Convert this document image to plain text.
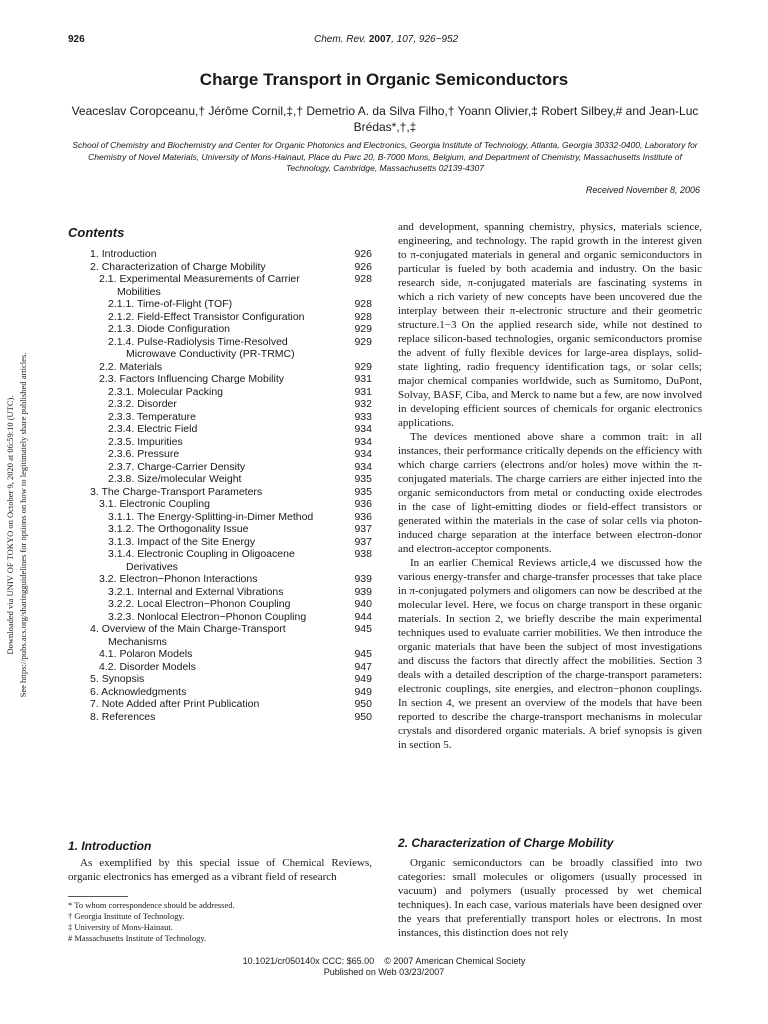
926	Chem. Rev. 2007, 107, 926−952
Charge Transport in Organic Semiconductors
Veaceslav Coropceanu,† Jérôme Cornil,‡,† Demetrio A. da Silva Filho,† Yoann Olivier,‡ Robert Silbey,# and Jean-Luc Brédas*,†,‡
School of Chemistry and Biochemistry and Center for Organic Photonics and Electronics, Georgia Institute of Technology, Atlanta, Georgia 30332-0400, Laboratory for Chemistry of Novel Materials, University of Mons-Hainaut, Place du Parc 20, B-7000 Mons, Belgium, and Department of Chemistry, Massachusetts Institute of Technology, Cambridge, Massachusetts 02139-4307
Received November 8, 2006
Downloaded via UNIV OF TOKYO on October 9, 2020 at 06:59:10 (UTC). See https://pubs.acs.org/sharingguidelines for options on how to legitimately share published articles.
Contents
1. Introduction	926
2. Characterization of Charge Mobility	926
2.1. Experimental Measurements of Carrier	928
Mobilities
2.1.1. Time-of-Flight (TOF)	928
2.1.2. Field-Effect Transistor Configuration	928
2.1.3. Diode Configuration	929
2.1.4. Pulse-Radiolysis Time-Resolved	929
Microwave Conductivity (PR-TRMC)
2.2. Materials	929
2.3. Factors Influencing Charge Mobility	931
2.3.1. Molecular Packing	931
2.3.2. Disorder	932
2.3.3. Temperature	933
2.3.4. Electric Field	934
2.3.5. Impurities	934
2.3.6. Pressure	934
2.3.7. Charge-Carrier Density	934
2.3.8. Size/molecular Weight	935
3. The Charge-Transport Parameters	935
3.1. Electronic Coupling	936
3.1.1. The Energy-Splitting-in-Dimer Method	936
3.1.2. The Orthogonality Issue	937
3.1.3. Impact of the Site Energy	937
3.1.4. Electronic Coupling in Oligoacene	938
Derivatives
3.2. Electron−Phonon Interactions	939
3.2.1. Internal and External Vibrations	939
3.2.2. Local Electron−Phonon Coupling	940
3.2.3. Nonlocal Electron−Phonon Coupling	944
4. Overview of the Main Charge-Transport	945
Mechanisms
4.1. Polaron Models	945
4.2. Disorder Models	947
5. Synopsis	949
6. Acknowledgments	949
7. Note Added after Print Publication	950
8. References	950
1. Introduction

As exemplified by this special issue of Chemical Reviews, organic electronics has emerged as a vibrant field of research

* To whom correspondence should be addressed.
† Georgia Institute of Technology.
‡ University of Mons-Hainaut.
# Massachusetts Institute of Technology.

and development, spanning chemistry, physics, materials science, engineering, and technology. The rapid growth in the interest given to π-conjugated materials in general and organic semiconductors in particular is fueled by both academia and industry. On the basic research side, π-conjugated materials are fascinating systems in which a rich variety of new concepts have been uncovered due the interplay between their π-electronic structure and their geometric structure.1−3 On the applied research side, while not destined to replace silicon-based technologies, organic semiconductors promise the advent of fully flexible devices for large-area displays, solid-state lighting, radio frequency identification tags, or solar cells; major chemical companies worldwide, such as Sumitomo, DuPont, Solvay, BASF, Ciba, and Merck to name but a few, are now involved in developing efficient sources of chemicals for organic electronics applications.

The devices mentioned above share a common trait: in all instances, their performance critically depends on the efficiency with which charge carriers (electrons and/or holes) move within the π-conjugated materials. The charge carriers are either injected into the organic semiconductors from metal or conducting oxide electrodes in the case of light-emitting diodes or field-effect transistors or generated within the materials in the case of solar cells via photon-induced charge separation at the interface between electron-donor and electron-acceptor components.

In an earlier Chemical Reviews article,4 we discussed how the various energy-transfer and charge-transfer processes that take place in π-conjugated polymers and oligomers can now be described at the molecular level. Here, we focus on charge transport in these organic materials. In section 2, we briefly describe the main experimental techniques used to evaluate carrier mobilities. We then introduce the organic materials that have been the subject of most investigations and discuss the factors that directly affect the mobilities. Section 3 deals with a detailed description of the charge-transport parameters: electronic couplings, site energies, and electron−phonon couplings. In section 4, we present an overview of the models that have been reported to describe the charge-transport mechanisms in molecular crystals and disordered organic materials. A brief synopsis is given in section 5.

2. Characterization of Charge Mobility

Organic semiconductors can be broadly classified into two categories: small molecules or oligomers (usually processed in vacuum) and polymers (usually processed by wet chemical techniques). In each case, various materials have been designed over the years that preferentially transport holes or electrons. In most instances, this distinction does not rely

10.1021/cr050140x CCC: $65.00 © 2007 American Chemical Society
Published on Web 03/23/2007
